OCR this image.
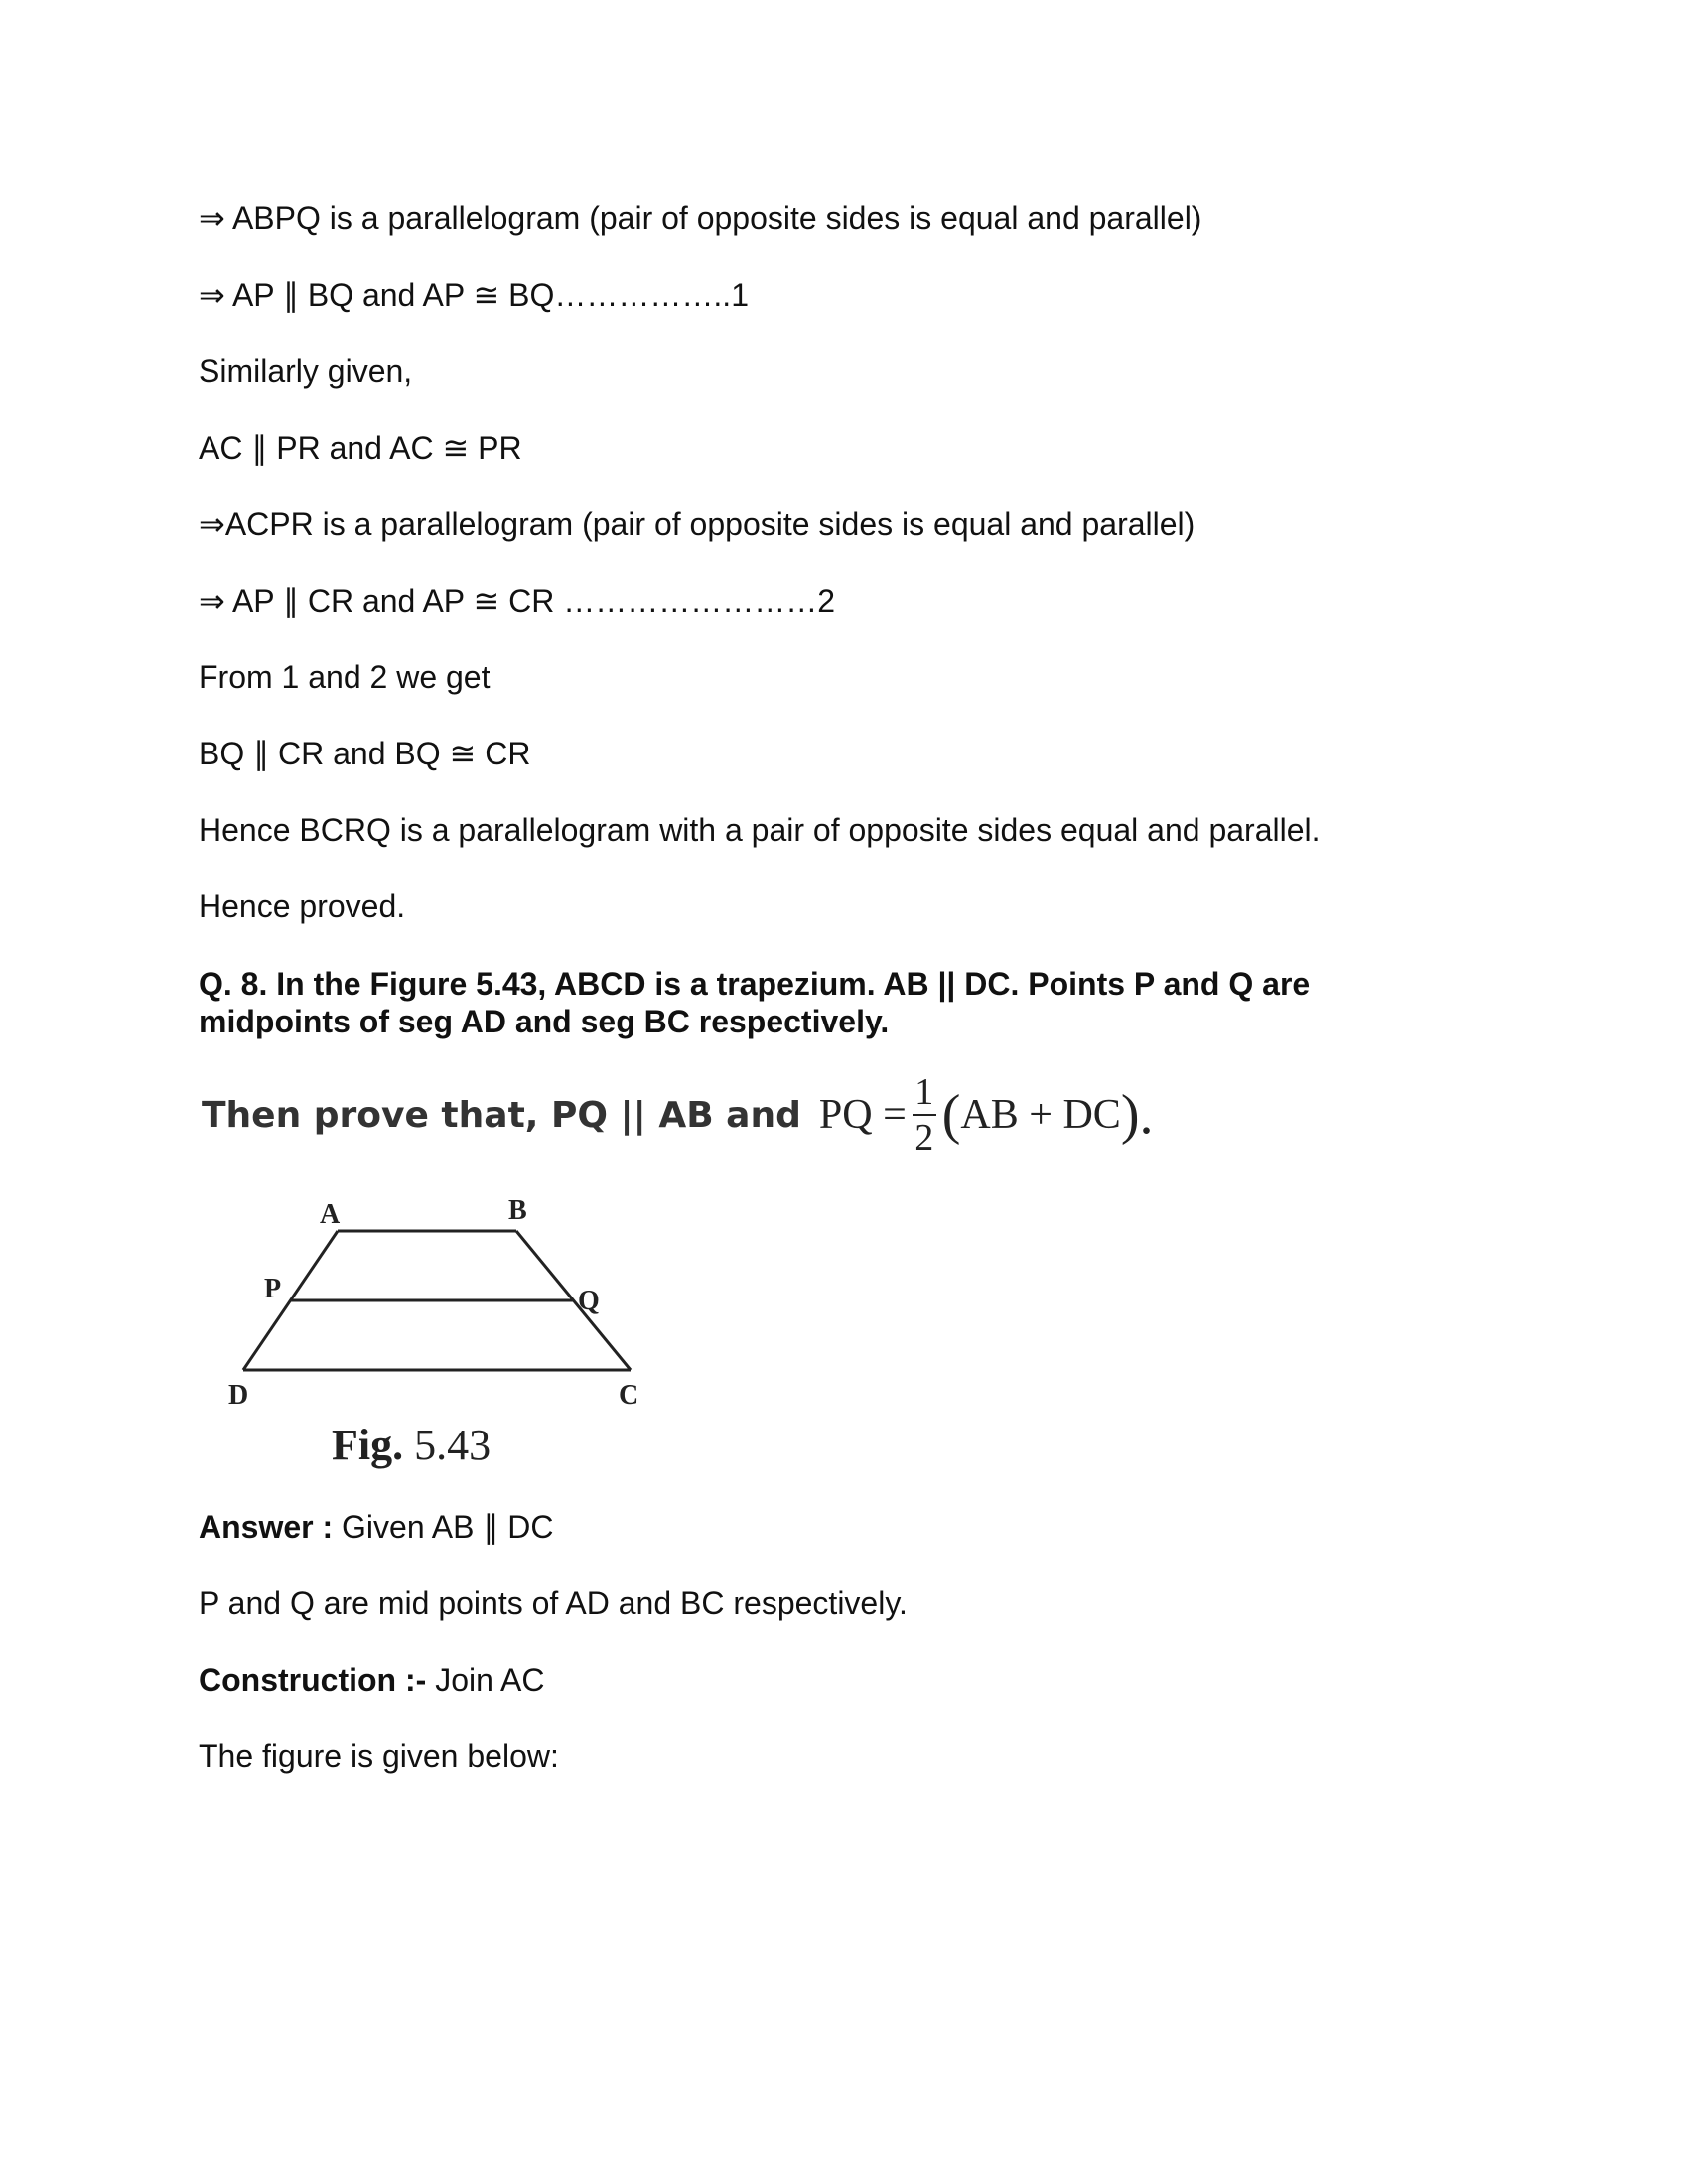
⇒ ABPQ is a parallelogram (pair of opposite sides is equal and parallel)

⇒ AP ∥ BQ and AP ≅ BQ……………..1

Similarly given,

AC ∥ PR and AC ≅ PR

⇒ACPR is a parallelogram (pair of opposite sides is equal and parallel)

⇒ AP ∥ CR and AP ≅ CR ……………………2

From 1 and 2 we get

BQ ∥ CR and BQ ≅ CR

Hence BCRQ is a parallelogram with a pair of opposite sides equal and parallel.

Hence proved.

Q. 8. In the Figure 5.43, ABCD is a trapezium. AB || DC. Points P and Q are
midpoints of seg AD and seg BC respectively.
Then prove that, PQ || AB and PQ = $\frac{1}{2}$ ( AB + DC ).
A	B
P	Q
D	C
Fig. 5.43

Answer : Given AB ∥ DC

P and Q are mid points of AD and BC respectively.

Construction :- Join AC

The figure is given below:
